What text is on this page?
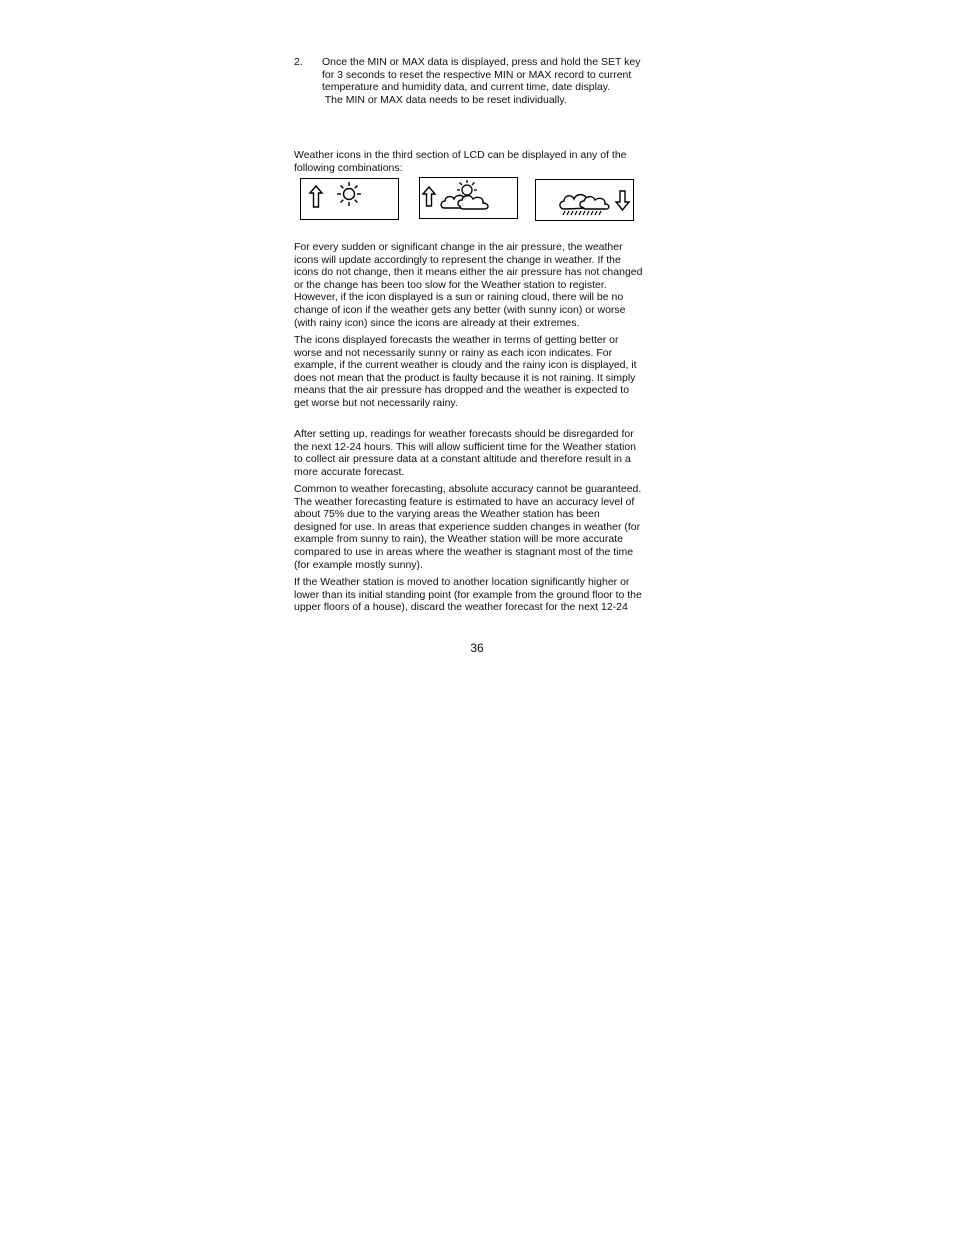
2. Once the MIN or MAX data is displayed, press and hold the SET key
for 3 seconds to reset the respective MIN or MAX record to current
temperature and humidity data, and current time, date display.
The MIN or MAX data needs to be reset individually.
Weather icons in the third section of LCD can be displayed in any of the
following combinations:
For every sudden or significant change in the air pressure, the weather
icons will update accordingly to represent the change in weather. If the
icons do not change, then it means either the air pressure has not changed
or the change has been too slow for the Weather station to register.
However, if the icon displayed is a sun or raining cloud, there will be no
change of icon if the weather gets any better (with sunny icon) or worse
(with rainy icon) since the icons are already at their extremes.
The icons displayed forecasts the weather in terms of getting better or
worse and not necessarily sunny or rainy as each icon indicates. For
example, if the current weather is cloudy and the rainy icon is displayed, it
does not mean that the product is faulty because it is not raining. It simply
means that the air pressure has dropped and the weather is expected to
get worse but not necessarily rainy.
After setting up, readings for weather forecasts should be disregarded for
the next 12-24 hours. This will allow sufficient time for the Weather station
to collect air pressure data at a constant altitude and therefore result in a
more accurate forecast.
Common to weather forecasting, absolute accuracy cannot be guaranteed.
The weather forecasting feature is estimated to have an accuracy level of
about 75% due to the varying areas the Weather station has been
designed for use. In areas that experience sudden changes in weather (for
example from sunny to rain), the Weather station will be more accurate
compared to use in areas where the weather is stagnant most of the time
(for example mostly sunny).
If the Weather station is moved to another location significantly higher or
lower than its initial standing point (for example from the ground floor to the
upper floors of a house), discard the weather forecast for the next 12-24
36
